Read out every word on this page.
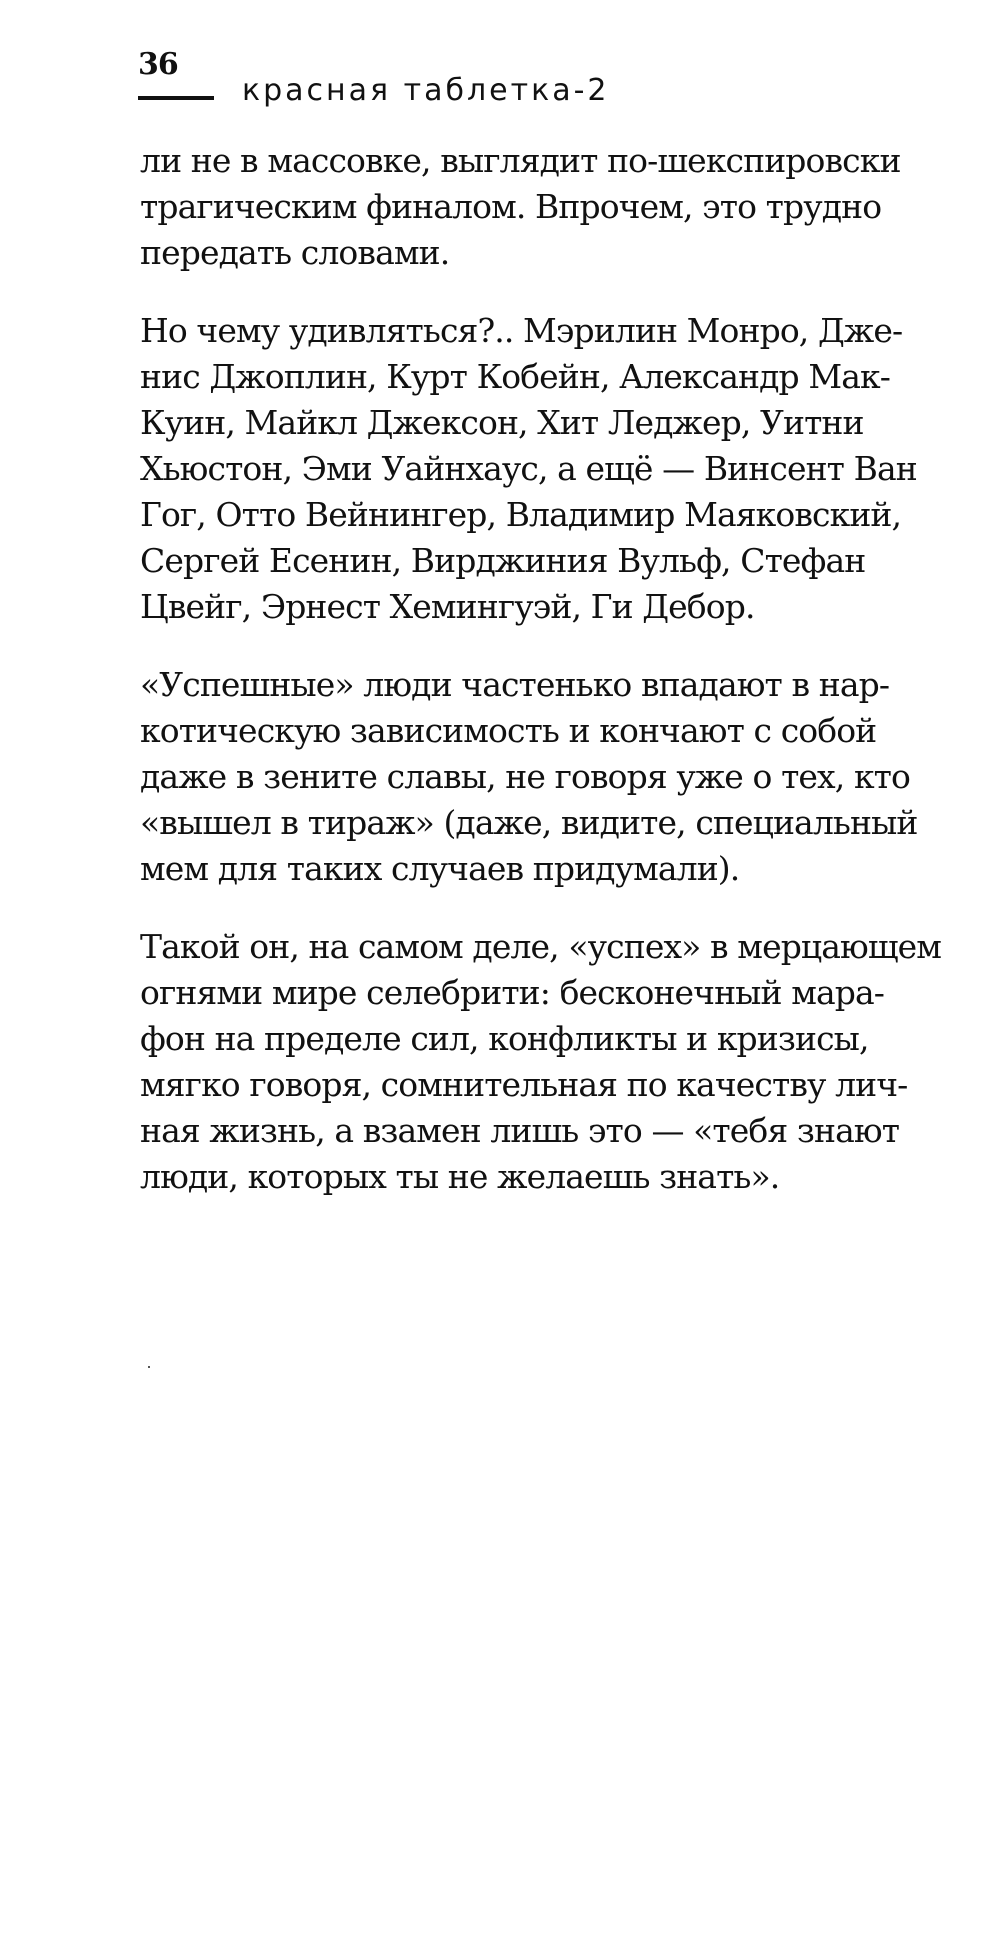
36
красная таблетка-2
ли не в массовке, выглядит по-шекспировски
трагическим финалом. Впрочем, это трудно
передать словами.
Но чему удивляться?.. Мэрилин Монро, Дже-
нис Джоплин, Курт Кобейн, Александр Мак-
Куин, Майкл Джексон, Хит Леджер, Уитни
Хьюстон, Эми Уайнхаус, а ещё — Винсент Ван
Гог, Отто Вейнингер, Владимир Маяковский,
Сергей Есенин, Вирджиния Вульф, Стефан
Цвейг, Эрнест Хемингуэй, Ги Дебор.
«Успешные» люди частенько впадают в нар-
котическую зависимость и кончают с собой
даже в зените славы, не говоря уже о тех, кто
«вышел в тираж» (даже, видите, специальный
мем для таких случаев придумали).
Такой он, на самом деле, «успех» в мерцающем
огнями мире селебрити: бесконечный мара-
фон на пределе сил, конфликты и кризисы,
мягко говоря, сомнительная по качеству лич-
ная жизнь, а взамен лишь это — «тебя знают
люди, которых ты не желаешь знать».
